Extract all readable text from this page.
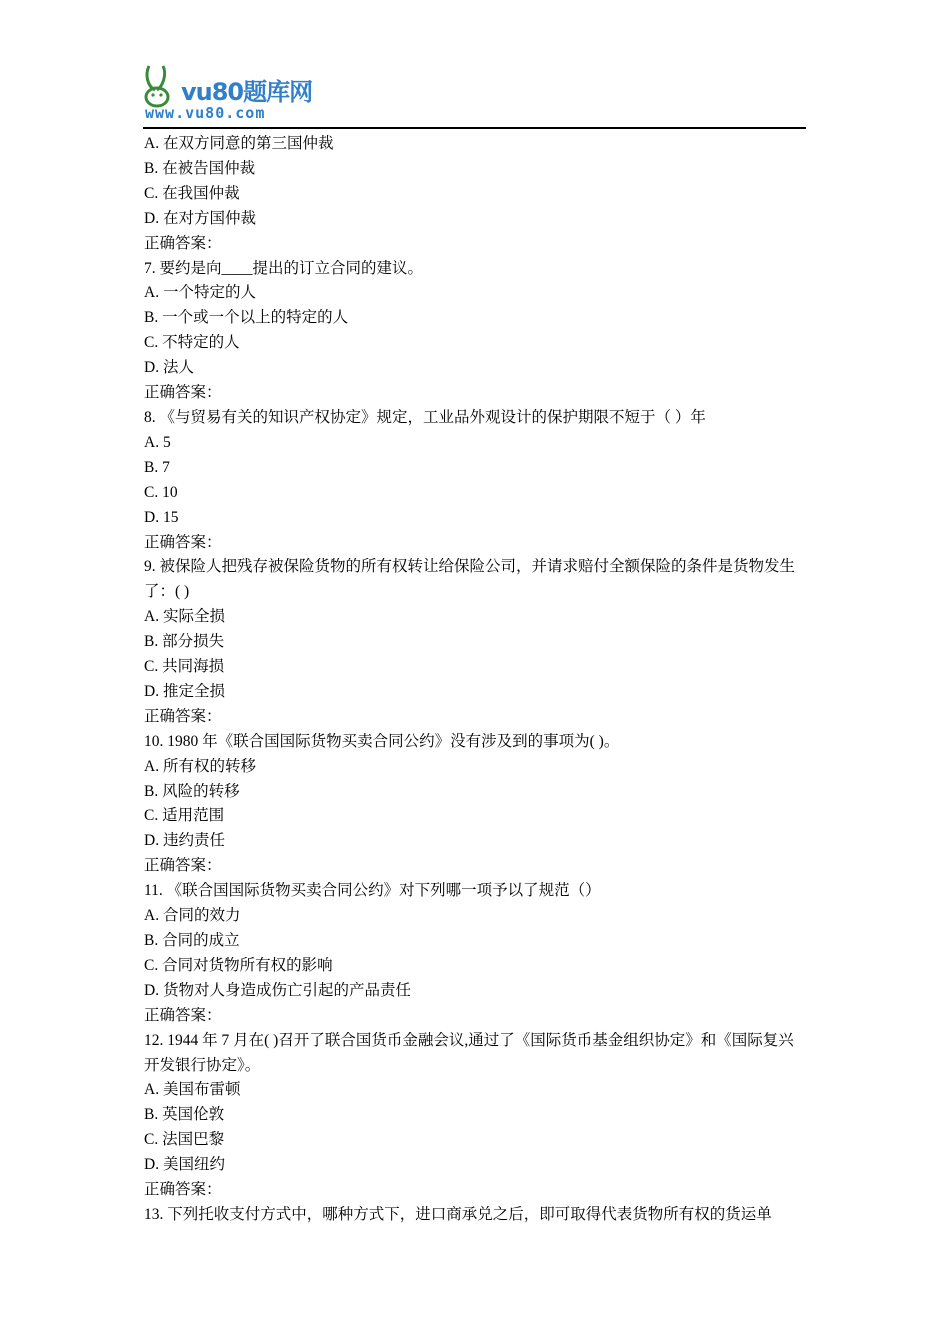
vu80题库网
www.vu80.com
A. 在双方同意的第三国仲裁
B. 在被告国仲裁
C. 在我国仲裁
D. 在对方国仲裁
正确答案：
7. 要约是向____提出的订立合同的建议。
A. 一个特定的人
B. 一个或一个以上的特定的人
C. 不特定的人
D. 法人
正确答案：
8. 《与贸易有关的知识产权协定》规定，工业品外观设计的保护期限不短于（ ）年
A. 5
B. 7
C. 10
D. 15
正确答案：
9. 被保险人把残存被保险货物的所有权转让给保险公司，并请求赔付全额保险的条件是货物发生了：( )
A. 实际全损
B. 部分损失
C. 共同海损
D. 推定全损
正确答案：
10. 1980 年《联合国国际货物买卖合同公约》没有涉及到的事项为( )。
A. 所有权的转移
B. 风险的转移
C. 适用范围
D. 违约责任
正确答案：
11. 《联合国国际货物买卖合同公约》对下列哪一项予以了规范（）
A. 合同的效力
B. 合同的成立
C. 合同对货物所有权的影响
D. 货物对人身造成伤亡引起的产品责任
正确答案：
12. 1944 年 7 月在( )召开了联合国货币金融会议,通过了《国际货币基金组织协定》和《国际复兴开发银行协定》。
A. 美国布雷顿
B. 英国伦敦
C. 法国巴黎
D. 美国纽约
正确答案：
13. 下列托收支付方式中，哪种方式下，进口商承兑之后，即可取得代表货物所有权的货运单
